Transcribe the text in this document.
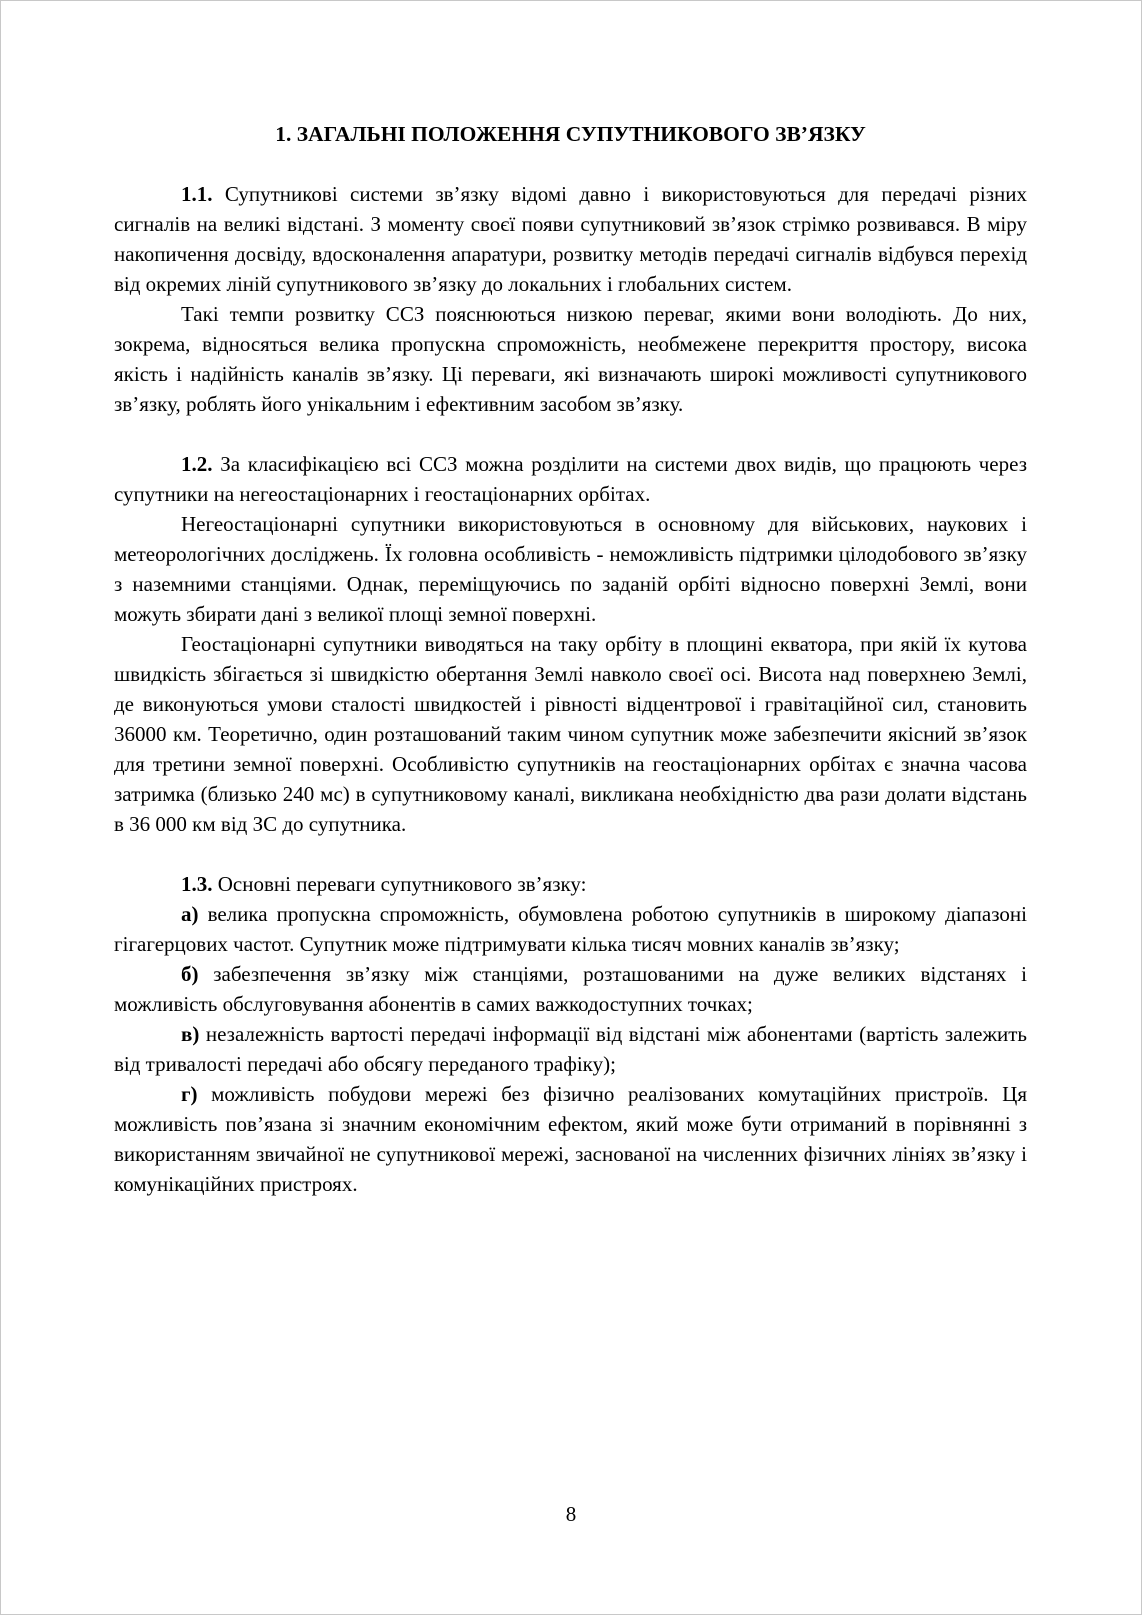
1. ЗАГАЛЬНІ ПОЛОЖЕННЯ СУПУТНИКОВОГО ЗВ’ЯЗКУ

1.1. Супутникові системи зв’язку відомі давно і використовуються для передачі різних сигналів на великі відстані. З моменту своєї появи супутниковий зв’язок стрімко розвивався. В міру накопичення досвіду, вдосконалення апаратури, розвитку методів передачі сигналів відбувся перехід від окремих ліній супутникового зв’язку до локальних і глобальних систем.

Такі темпи розвитку ССЗ пояснюються низкою переваг, якими вони володіють. До них, зокрема, відносяться велика пропускна спроможність, необмежене перекриття простору, висока якість і надійність каналів зв’язку. Ці переваги, які визначають широкі можливості супутникового зв’язку, роблять його унікальним і ефективним засобом зв’язку.

1.2. За класифікацією всі ССЗ можна розділити на системи двох видів, що працюють через супутники на негеостаціонарних і геостаціонарних орбітах.

Негеостаціонарні супутники використовуються в основному для військових, наукових і метеорологічних досліджень. Їх головна особливість - неможливість підтримки цілодобового зв’язку з наземними станціями. Однак, переміщуючись по заданій орбіті відносно поверхні Землі, вони можуть збирати дані з великої площі земної поверхні.

Геостаціонарні супутники виводяться на таку орбіту в площині екватора, при якій їх кутова швидкість збігається зі швидкістю обертання Землі навколо своєї осі. Висота над поверхнею Землі, де виконуються умови сталості швидкостей і рівності відцентрової і гравітаційної сил, становить 36000 км. Теоретично, один розташований таким чином супутник може забезпечити якісний зв’язок для третини земної поверхні. Особливістю супутників на геостаціонарних орбітах є значна часова затримка (близько 240 мс) в супутниковому каналі, викликана необхідністю два рази долати відстань в 36 000 км від ЗС до супутника.

1.3. Основні переваги супутникового зв’язку:

а) велика пропускна спроможність, обумовлена роботою супутників в широкому діапазоні гігагерцових частот. Супутник може підтримувати кілька тисяч мовних каналів зв’язку;

б) забезпечення зв’язку між станціями, розташованими на дуже великих відстанях і можливість обслуговування абонентів в самих важкодоступних точках;

в) незалежність вартості передачі інформації від відстані між абонентами (вартість залежить від тривалості передачі або обсягу переданого трафіку);

г) можливість побудови мережі без фізично реалізованих комутаційних пристроїв. Ця можливість пов’язана зі значним економічним ефектом, який може бути отриманий в порівнянні з використанням звичайної не супутникової мережі, заснованої на численних фізичних лініях зв’язку і комунікаційних пристроях.

8
